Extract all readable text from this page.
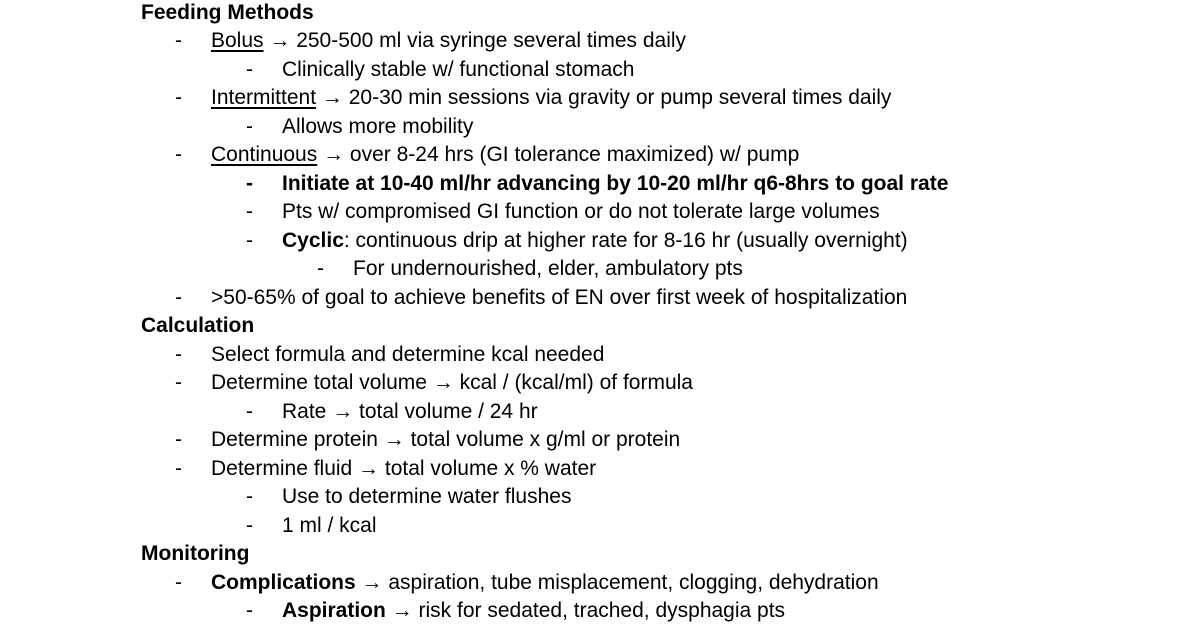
Feeding Methods
- Bolus → 250-500 ml via syringe several times daily
- Clinically stable w/ functional stomach
- Intermittent → 20-30 min sessions via gravity or pump several times daily
- Allows more mobility
- Continuous → over 8-24 hrs (GI tolerance maximized) w/ pump
- Initiate at 10-40 ml/hr advancing by 10-20 ml/hr q6-8hrs to goal rate
- Pts w/ compromised GI function or do not tolerate large volumes
- Cyclic: continuous drip at higher rate for 8-16 hr (usually overnight)
- For undernourished, elder, ambulatory pts
- >50-65% of goal to achieve benefits of EN over first week of hospitalization
Calculation
- Select formula and determine kcal needed
- Determine total volume → kcal / (kcal/ml) of formula
- Rate → total volume / 24 hr
- Determine protein → total volume x g/ml or protein
- Determine fluid → total volume x % water
- Use to determine water flushes
- 1 ml / kcal
Monitoring
- Complications → aspiration, tube misplacement, clogging, dehydration
- Aspiration → risk for sedated, trached, dysphagia pts
